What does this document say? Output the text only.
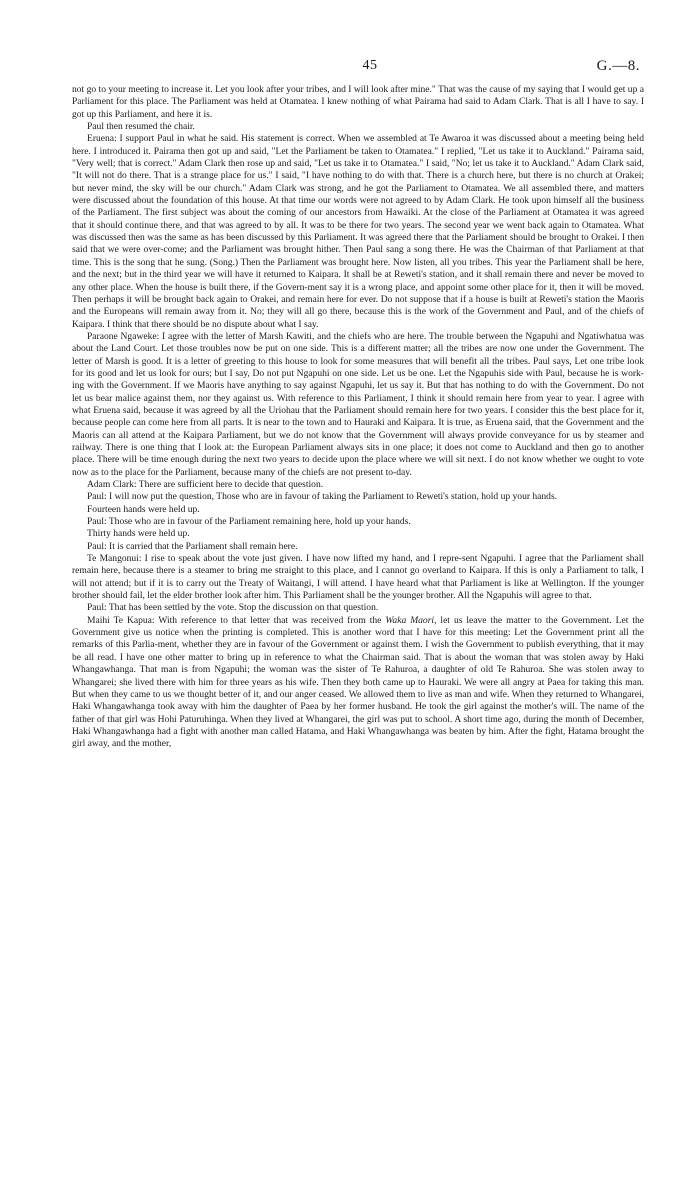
45	G.—8.

not go to your meeting to increase it. Let you look after your tribes, and I will look after mine." That was the cause of my saying that I would get up a Parliament for this place. The Parliament was held at Otamatea. I knew nothing of what Pairama had said to Adam Clark. That is all I have to say. I got up this Parliament, and here it is.

Paul then resumed the chair.

Eruena: I support Paul in what he said. His statement is correct. When we assembled at Te Awaroa it was discussed about a meeting being held here. I introduced it. Pairama then got up and said, "Let the Parliament be taken to Otamatea." I replied, "Let us take it to Auckland." Pairama said, "Very well; that is correct." Adam Clark then rose up and said, "Let us take it to Otamatea." I said, "No; let us take it to Auckland." Adam Clark said, "It will not do there. That is a strange place for us." I said, "I have nothing to do with that. There is a church here, but there is no church at Orakei; but never mind, the sky will be our church." Adam Clark was strong, and he got the Parliament to Otamatea. We all assembled there, and matters were discussed about the foundation of this house. At that time our words were not agreed to by Adam Clark. He took upon himself all the business of the Parliament. The first subject was about the coming of our ancestors from Hawaiki. At the close of the Parliament at Otamatea it was agreed that it should continue there, and that was agreed to by all. It was to be there for two years. The second year we went back again to Otamatea. What was discussed then was the same as has been discussed by this Parliament. It was agreed there that the Parliament should be brought to Orakei. I then said that we were over-come; and the Parliament was brought hither. Then Paul sang a song there. He was the Chairman of that Parliament at that time. This is the song that he sung. (Song.) Then the Parliament was brought here. Now listen, all you tribes. This year the Parliament shall be here, and the next; but in the third year we will have it returned to Kaipara. It shall be at Reweti's station, and it shall remain there and never be moved to any other place. When the house is built there, if the Govern-ment say it is a wrong place, and appoint some other place for it, then it will be moved. Then perhaps it will be brought back again to Orakei, and remain here for ever. Do not suppose that if a house is built at Reweti's station the Maoris and the Europeans will remain away from it. No; they will all go there, because this is the work of the Government and Paul, and of the chiefs of Kaipara. I think that there should be no dispute about what I say.

Paraone Ngaweke: I agree with the letter of Marsh Kawiti, and the chiefs who are here. The trouble between the Ngapuhi and Ngatiwhatua was about the Land Court. Let those troubles now be put on one side. This is a different matter; all the tribes are now one under the Government. The letter of Marsh is good. It is a letter of greeting to this house to look for some measures that will benefit all the tribes. Paul says, Let one tribe look for its good and let us look for ours; but I say, Do not put Ngapuhi on one side. Let us be one. Let the Ngapuhis side with Paul, because he is work-ing with the Government. If we Maoris have anything to say against Ngapuhi, let us say it. But that has nothing to do with the Government. Do not let us bear malice against them, nor they against us. With reference to this Parliament, I think it should remain here from year to year. I agree with what Eruena said, because it was agreed by all the Uriohau that the Parliament should remain here for two years. I consider this the best place for it, because people can come here from all parts. It is near to the town and to Hauraki and Kaipara. It is true, as Eruena said, that the Government and the Maoris can all attend at the Kaipara Parliament, but we do not know that the Government will always provide conveyance for us by steamer and railway. There is one thing that I look at: the European Parliament always sits in one place; it does not come to Auckland and then go to another place. There will be time enough during the next two years to decide upon the place where we will sit next. I do not know whether we ought to vote now as to the place for the Parliament, because many of the chiefs are not present to-day.

Adam Clark: There are sufficient here to decide that question.

Paul: I will now put the question, Those who are in favour of taking the Parliament to Reweti's station, hold up your hands.

Fourteen hands were held up.

Paul: Those who are in favour of the Parliament remaining here, hold up your hands.

Thirty hands were held up.

Paul: It is carried that the Parliament shall remain here.

Te Mangonui: I rise to speak about the vote just given. I have now lifted my hand, and I repre-sent Ngapuhi. I agree that the Parliament shall remain here, because there is a steamer to bring me straight to this place, and I cannot go overland to Kaipara. If this is only a Parliament to talk, I will not attend; but if it is to carry out the Treaty of Waitangi, I will attend. I have heard what that Parliament is like at Wellington. If the younger brother should fail, let the elder brother look after him. This Parliament shall be the younger brother. All the Ngapuhis will agree to that.

Paul: That has been settled by the vote. Stop the discussion on that question.

Maihi Te Kapua: With reference to that letter that was received from the Waka Maori, let us leave the matter to the Government. Let the Government give us notice when the printing is completed. This is another word that I have for this meeting: Let the Government print all the remarks of this Parlia-ment, whether they are in favour of the Government or against them. I wish the Government to publish everything, that it may be all read. I have one other matter to bring up in reference to what the Chairman said. That is about the woman that was stolen away by Haki Whangawhanga. That man is from Ngapuhi; the woman was the sister of Te Rahuroa, a daughter of old Te Rahuroa. She was stolen away to Whangarei; she lived there with him for three years as his wife. Then they both came up to Hauraki. We were all angry at Paea for taking this man. But when they came to us we thought better of it, and our anger ceased. We allowed them to live as man and wife. When they returned to Whangarei, Haki Whangawhanga took away with him the daughter of Paea by her former husband. He took the girl against the mother's will. The name of the father of that girl was Hohi Paturuhinga. When they lived at Whangarei, the girl was put to school. A short time ago, during the month of December, Haki Whangawhanga had a fight with another man called Hatama, and Haki Whangawhanga was beaten by him. After the fight, Hatama brought the girl away, and the mother,
